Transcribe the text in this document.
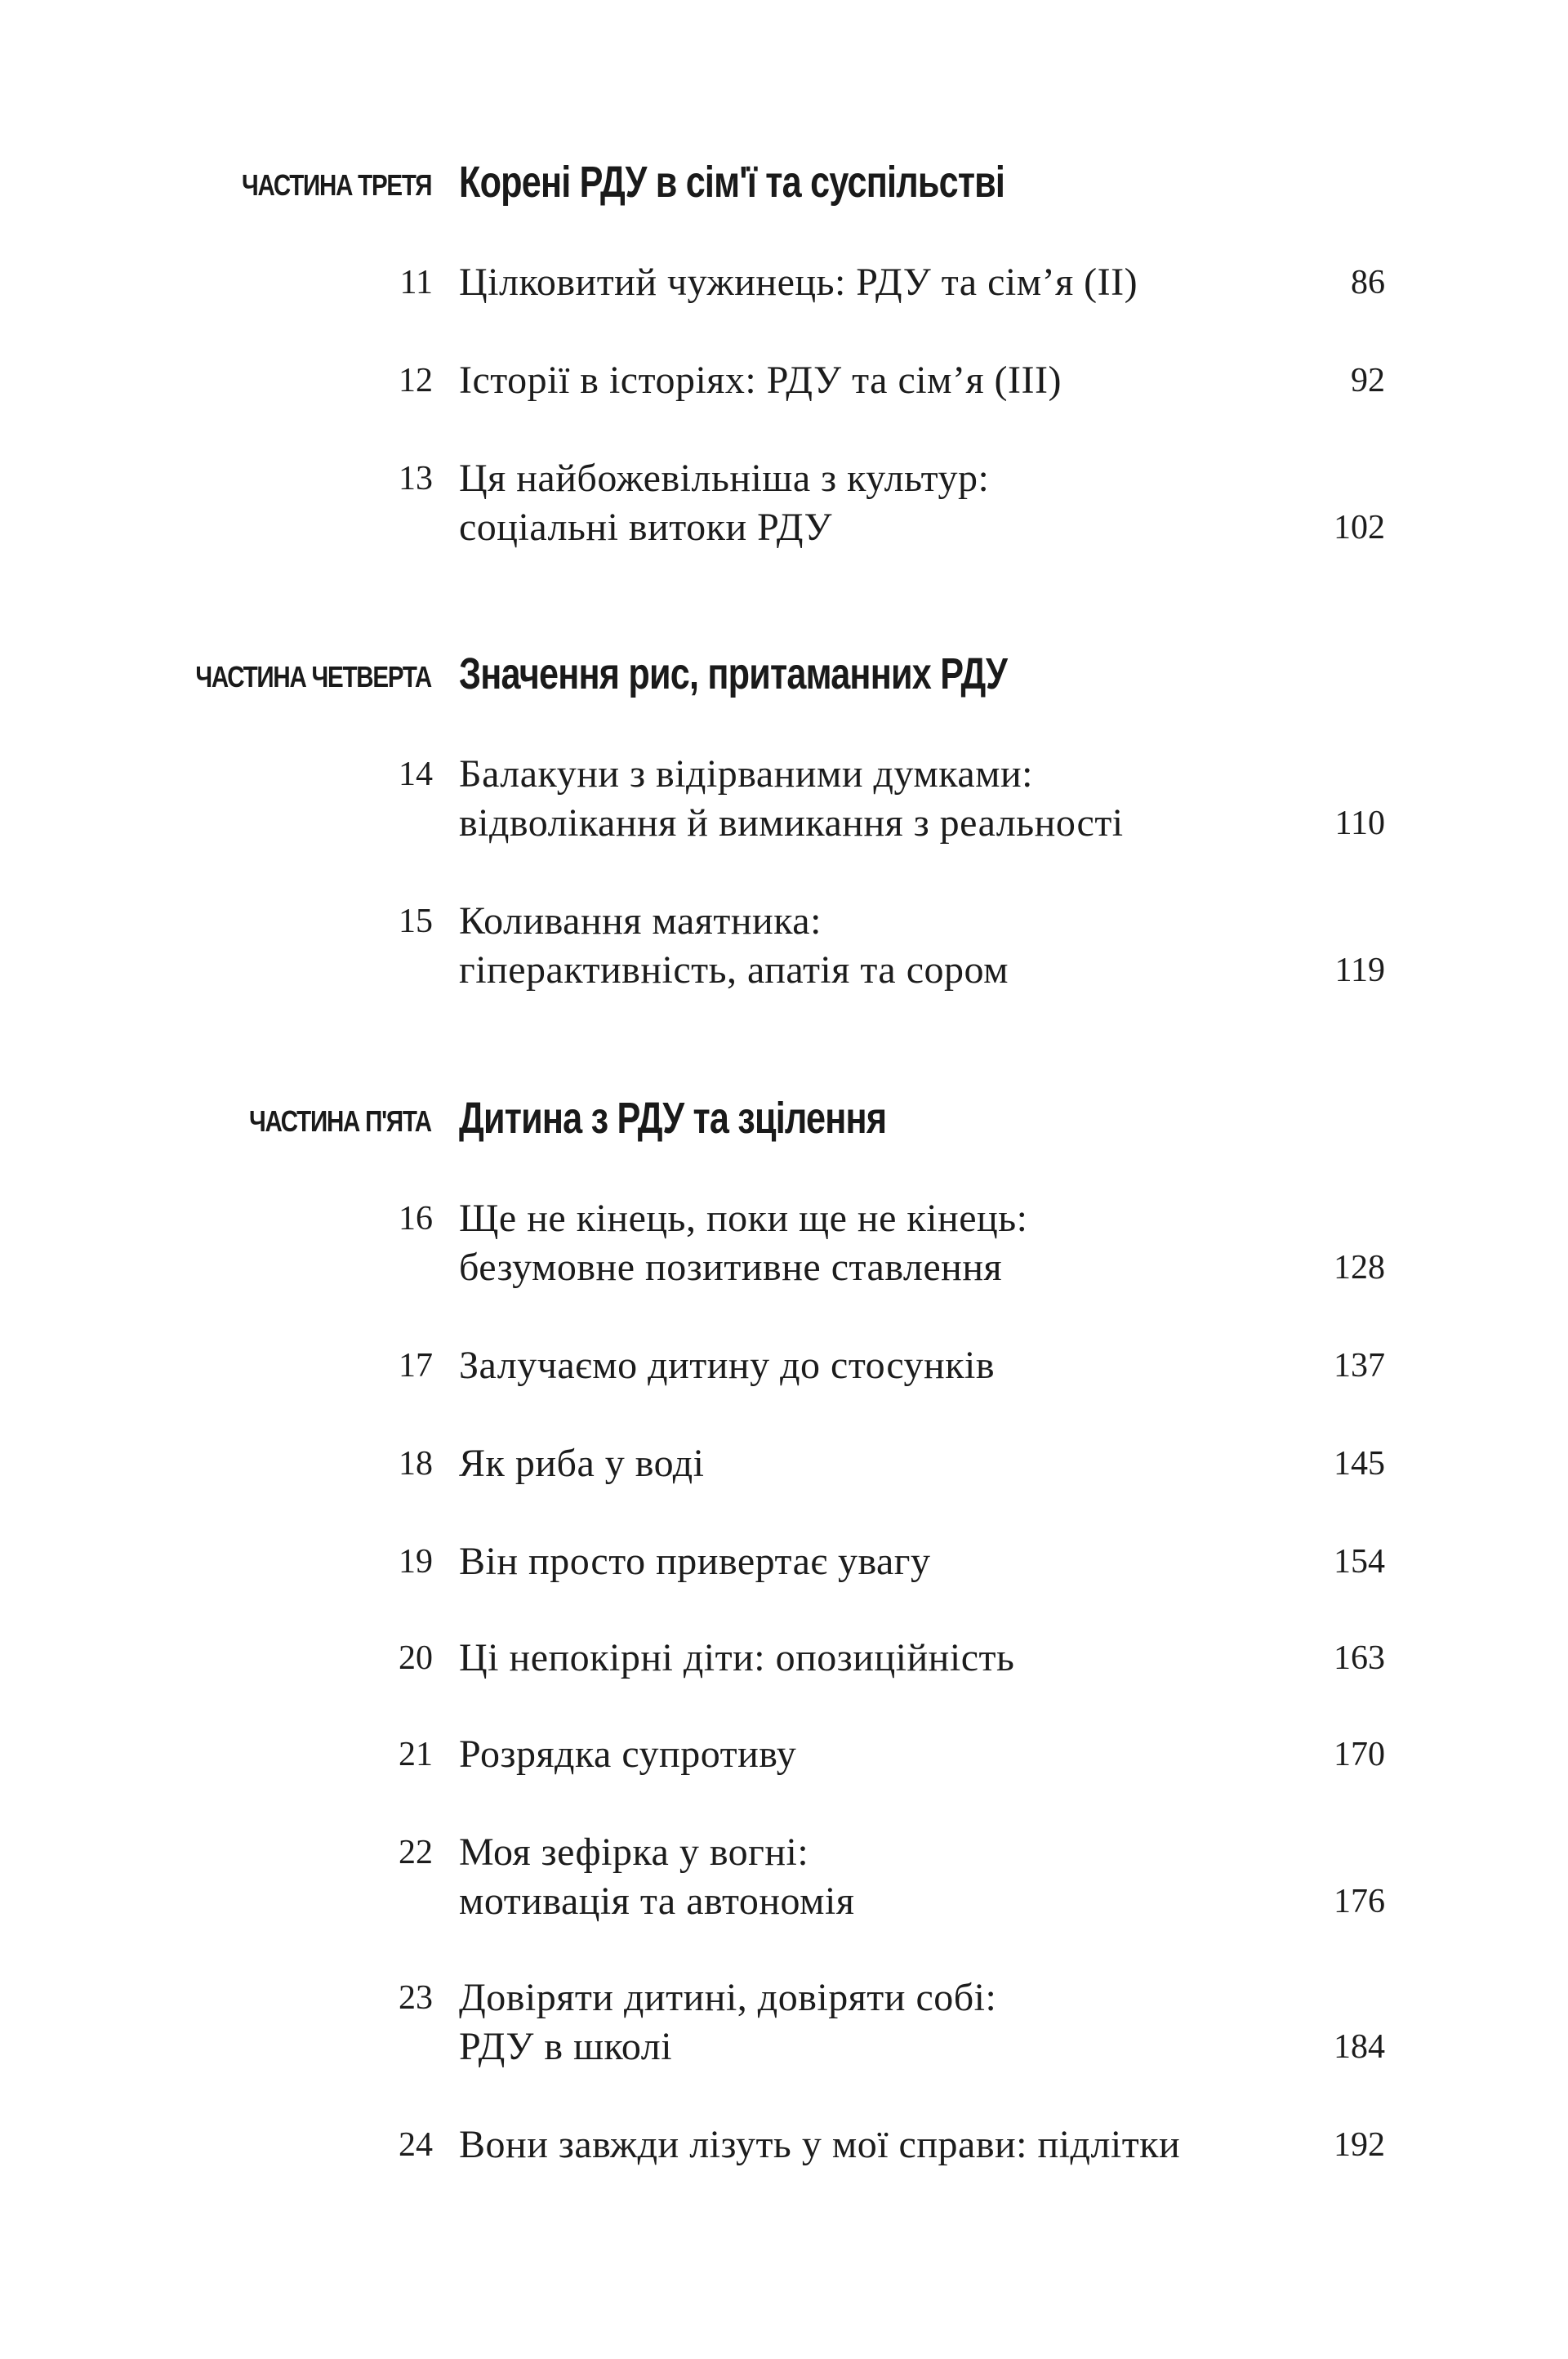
ЧАСТИНА ТРЕТЯ Корені РДУ в сім'ї та суспільстві
11 Цілковитий чужинець: РДУ та сім’я (II)	86
12 Історії в історіях: РДУ та сім’я (III)	92
13 Ця найбожевільніша з культур:
соціальні витоки РДУ	102
ЧАСТИНА ЧЕТВЕРТА Значення рис, притаманних РДУ
14 Балакуни з відірваними думками:
відволікання й вимикання з реальності	110
15 Коливання маятника:
гіперактивність, апатія та сором	119
ЧАСТИНА П'ЯТА Дитина з РДУ та зцілення
16 Ще не кінець, поки ще не кінець:
безумовне позитивне ставлення	128
17 Залучаємо дитину до стосунків	137
18 Як риба у воді	145
19 Він просто привертає увагу	154
20 Ці непокірні діти: опозиційність	163
21 Розрядка супротиву	170
22 Моя зефірка у вогні:
мотивація та автономія	176
23 Довіряти дитині, довіряти собі:
РДУ в школі	184
24 Вони завжди лізуть у мої справи: підлітки	192
